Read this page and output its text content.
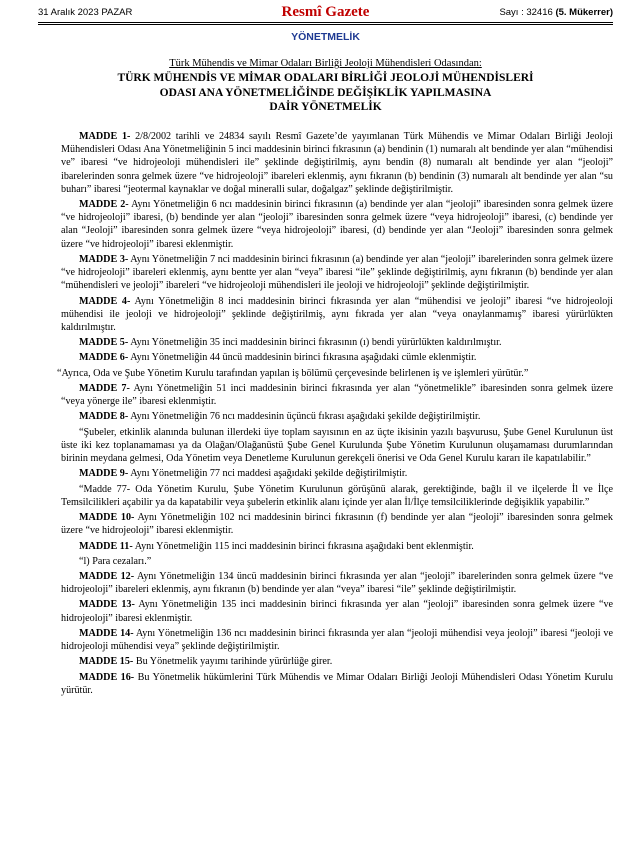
31 Aralık 2023 PAZAR	Resmî Gazete	Sayı : 32416 (5. Mükerrer)
YÖNETMELİK
Türk Mühendis ve Mimar Odaları Birliği Jeoloji Mühendisleri Odasından:
TÜRK MÜHENDİS VE MİMAR ODALARI BİRLİĞİ JEOLOJİ MÜHENDİSLERİ
ODASI ANA YÖNETMELİĞİNDE DEĞİŞİKLİK YAPILMASINA
DAİR YÖNETMELİK

MADDE 1- 2/8/2002 tarihli ve 24834 sayılı Resmî Gazete’de yayımlanan Türk Mühendis ve Mimar Odaları Birliği Jeoloji Mühendisleri Odası Ana Yönetmeliğinin 5 inci maddesinin birinci fıkrasının (a) bendinin (1) numaralı alt bendinde yer alan “mühendisi ve” ibaresi “ve hidrojeoloji mühendisleri ile” şeklinde değiştirilmiş, aynı bendin (8) numaralı alt bendinde yer alan “jeoloji” ibarelerinden sonra gelmek üzere “ve hidrojeoloji” ibareleri eklenmiş, aynı fıkranın (b) bendinin (3) numaralı alt bendinde yer alan “su buharı” ibaresi “jeotermal kaynaklar ve doğal mineralli sular, doğalgaz” şeklinde değiştirilmiştir.

MADDE 2- Aynı Yönetmeliğin 6 ncı maddesinin birinci fıkrasının (a) bendinde yer alan “jeoloji” ibaresinden sonra gelmek üzere “ve hidrojeoloji” ibaresi, (b) bendinde yer alan “jeoloji” ibaresinden sonra gelmek üzere “veya hidrojeoloji” ibaresi, (c) bendinde yer alan “Jeoloji” ibaresinden sonra gelmek üzere “veya hidrojeoloji” ibaresi, (d) bendinde yer alan “Jeoloji” ibaresinden sonra gelmek üzere “ve hidrojeoloji” ibaresi eklenmiştir.

MADDE 3- Aynı Yönetmeliğin 7 nci maddesinin birinci fıkrasının (a) bendinde yer alan “jeoloji” ibarelerinden sonra gelmek üzere “ve hidrojeoloji” ibareleri eklenmiş, aynı bentte yer alan “veya” ibaresi “ile” şeklinde değiştirilmiş, aynı fıkranın (b) bendinde yer alan “mühendisleri ve jeoloji” ibareleri “ve hidrojeoloji mühendisleri ile jeoloji ve hidrojeoloji” şeklinde değiştirilmiştir.

MADDE 4- Aynı Yönetmeliğin 8 inci maddesinin birinci fıkrasında yer alan “mühendisi ve jeoloji” ibaresi “ve hidrojeoloji mühendisi ile jeoloji ve hidrojeoloji” şeklinde değiştirilmiş, aynı fıkrada yer alan “veya onaylanmamış” ibaresi yürürlükten kaldırılmıştır.

MADDE 5- Aynı Yönetmeliğin 35 inci maddesinin birinci fıkrasının (ı) bendi yürürlükten kaldırılmıştır.

MADDE 6- Aynı Yönetmeliğin 44 üncü maddesinin birinci fıkrasına aşağıdaki cümle eklenmiştir.

“Ayrıca, Oda ve Şube Yönetim Kurulu tarafından yapılan iş bölümü çerçevesinde belirlenen iş ve işlemleri yürütür.”

MADDE 7- Aynı Yönetmeliğin 51 inci maddesinin birinci fıkrasında yer alan “yönetmelikle” ibaresinden sonra gelmek üzere “veya yönerge ile” ibaresi eklenmiştir.

MADDE 8- Aynı Yönetmeliğin 76 ncı maddesinin üçüncü fıkrası aşağıdaki şekilde değiştirilmiştir.

“Şubeler, etkinlik alanında bulunan illerdeki üye toplam sayısının en az üçte ikisinin yazılı başvurusu, Şube Genel Kurulunun üst üste iki kez toplanamaması ya da Olağan/Olağanüstü Şube Genel Kurulunda Şube Yönetim Kurulunun oluşamaması durumlarından birinin meydana gelmesi, Oda Yönetim veya Denetleme Kurulunun gerekçeli önerisi ve Oda Genel Kurulu kararı ile kapatılabilir.”

MADDE 9- Aynı Yönetmeliğin 77 nci maddesi aşağıdaki şekilde değiştirilmiştir.

“Madde 77- Oda Yönetim Kurulu, Şube Yönetim Kurulunun görüşünü alarak, gerektiğinde, bağlı il ve ilçelerde İl ve İlçe Temsilcilikleri açabilir ya da kapatabilir veya şubelerin etkinlik alanı içinde yer alan İl/İlçe temsilciliklerinde değişiklik yapabilir.”

MADDE 10- Aynı Yönetmeliğin 102 nci maddesinin birinci fıkrasının (f) bendinde yer alan “jeoloji” ibaresinden sonra gelmek üzere “ve hidrojeoloji” ibaresi eklenmiştir.

MADDE 11- Aynı Yönetmeliğin 115 inci maddesinin birinci fıkrasına aşağıdaki bent eklenmiştir.

“l) Para cezaları.”

MADDE 12- Aynı Yönetmeliğin 134 üncü maddesinin birinci fıkrasında yer alan “jeoloji” ibarelerinden sonra gelmek üzere “ve hidrojeoloji” ibareleri eklenmiş, aynı fıkranın (b) bendinde yer alan “veya” ibaresi “ile” şeklinde değiştirilmiştir.

MADDE 13- Aynı Yönetmeliğin 135 inci maddesinin birinci fıkrasında yer alan “jeoloji” ibaresinden sonra gelmek üzere “ve hidrojeoloji” ibaresi eklenmiştir.

MADDE 14- Aynı Yönetmeliğin 136 ncı maddesinin birinci fıkrasında yer alan “jeoloji mühendisi veya jeoloji” ibaresi “jeoloji ve hidrojeoloji mühendisi veya” şeklinde değiştirilmiştir.

MADDE 15- Bu Yönetmelik yayımı tarihinde yürürlüğe girer.

MADDE 16- Bu Yönetmelik hükümlerini Türk Mühendis ve Mimar Odaları Birliği Jeoloji Mühendisleri Odası Yönetim Kurulu yürütür.
